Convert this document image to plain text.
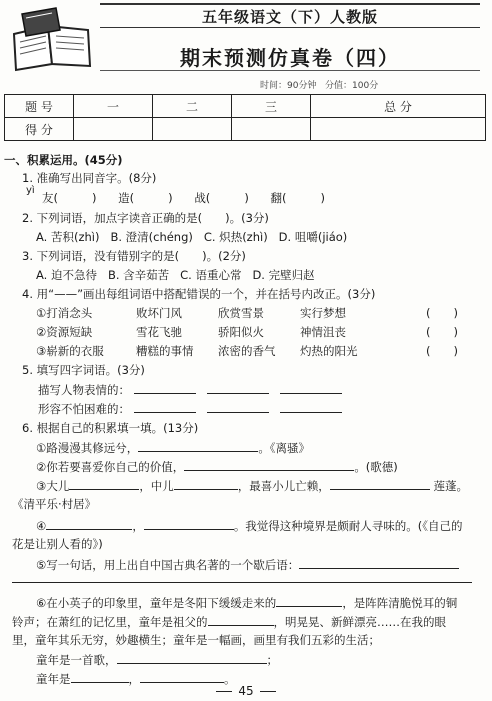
五年级语文（下）人教版
期末预测仿真卷（四）
时间：90分钟 分值：100分
题 号	一	二	三	总 分
得 分				
一、积累运用。(45分)
1. 准确写出同音字。(8分)
yì
友(	) 造(	) 战(	) 翻(	)
2. 下列词语，加点字读音正确的是(　　)。(3分)
A. 苦积(zhì) B. 澄清(chéng) C. 炽热(zhì) D. 咀嚼(jiáo)
3. 下列词语，没有错别字的是(　　)。(2分)
A. 迫不急待 B. 含辛茹苦 C. 语重心常 D. 完壁归赵
4. 用“——”画出每组词语中搭配错误的一个，并在括号内改正。(3分)
①打消念头	败坏门风	欣赏雪景	实行梦想	(　　)
②资源短缺	雪花飞驰	骄阳似火	神情沮丧	(　　)
③崭新的衣服	糟糕的事情 浓密的香气 灼热的阳光	(　　)
5. 填写四字词语。(3分)
描写人物表情的：
形容不怕困难的：
6. 根据自己的积累填一填。(13分)
①路漫漫其修远兮，	。《离骚》
②你若要喜爱你自己的价值，	。(歌德)
③大儿	，中儿	，最喜小儿亡赖，	莲蓬。
《清平乐·村居》
④	，	。我觉得这种境界是颇耐人寻味的。(《自己的
花是让别人看的》)
⑤写一句话，用上出自中国古典名著的一个歇后语：
⑥在小英子的印象里，童年是冬阳下缓缓走来的	，是阵阵清脆悦耳的铜
铃声；在萧红的记忆里，童年是祖父的	，明晃晃、新鲜漂亮……在我的眼
里，童年其乐无穷，妙趣横生；童年是一幅画，画里有我们五彩的生活；
童年是一首歌，	；
童年是	，	。
45
